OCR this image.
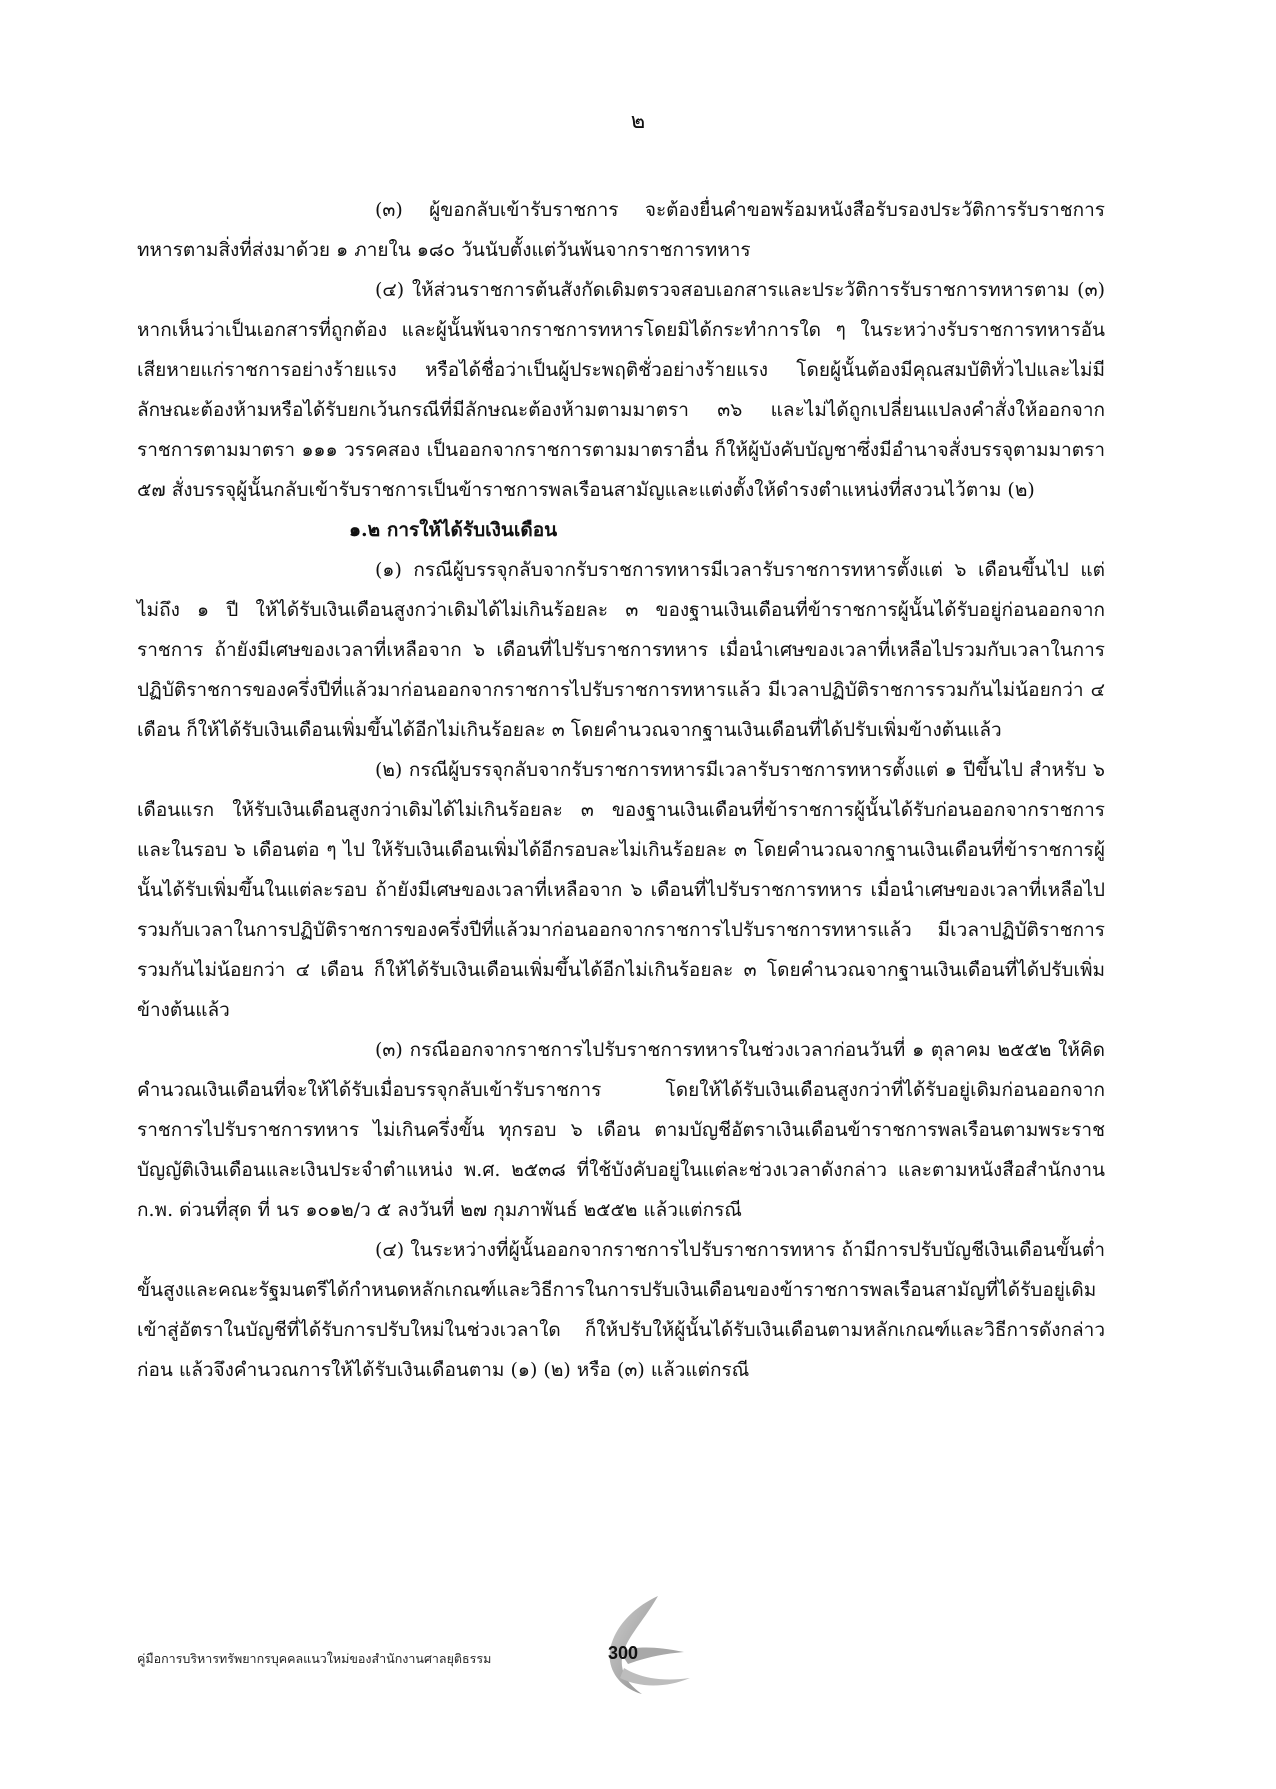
๒

(๓) ผู้ขอกลับเข้ารับราชการ จะต้องยื่นคำขอพร้อมหนังสือรับรองประวัติการรับราชการทหารตามสิ่งที่ส่งมาด้วย ๑ ภายใน ๑๘๐ วันนับตั้งแต่วันพ้นจากราชการทหาร

(๔) ให้ส่วนราชการต้นสังกัดเดิมตรวจสอบเอกสารและประวัติการรับราชการทหารตาม (๓) หากเห็นว่าเป็นเอกสารที่ถูกต้อง และผู้นั้นพ้นจากราชการทหารโดยมิได้กระทำการใด ๆ ในระหว่างรับราชการทหารอันเสียหายแก่ราชการอย่างร้ายแรง หรือได้ชื่อว่าเป็นผู้ประพฤติชั่วอย่างร้ายแรง โดยผู้นั้นต้องมีคุณสมบัติทั่วไปและไม่มีลักษณะต้องห้ามหรือได้รับยกเว้นกรณีที่มีลักษณะต้องห้ามตามมาตรา ๓๖ และไม่ได้ถูกเปลี่ยนแปลงคำสั่งให้ออกจากราชการตามมาตรา ๑๑๑ วรรคสอง เป็นออกจากราชการตามมาตราอื่น ก็ให้ผู้บังคับบัญชาซึ่งมีอำนาจสั่งบรรจุตามมาตรา ๕๗ สั่งบรรจุผู้นั้นกลับเข้ารับราชการเป็นข้าราชการพลเรือนสามัญและแต่งตั้งให้ดำรงตำแหน่งที่สงวนไว้ตาม (๒)

๑.๒ การให้ได้รับเงินเดือน

(๑) กรณีผู้บรรจุกลับจากรับราชการทหารมีเวลารับราชการทหารตั้งแต่ ๖ เดือนขึ้นไป แต่ไม่ถึง ๑ ปี ให้ได้รับเงินเดือนสูงกว่าเดิมได้ไม่เกินร้อยละ ๓ ของฐานเงินเดือนที่ข้าราชการผู้นั้นได้รับอยู่ก่อนออกจากราชการ ถ้ายังมีเศษของเวลาที่เหลือจาก ๖ เดือนที่ไปรับราชการทหาร เมื่อนำเศษของเวลาที่เหลือไปรวมกับเวลาในการปฏิบัติราชการของครึ่งปีที่แล้วมาก่อนออกจากราชการไปรับราชการทหารแล้ว มีเวลาปฏิบัติราชการรวมกันไม่น้อยกว่า ๔ เดือน ก็ให้ได้รับเงินเดือนเพิ่มขึ้นได้อีกไม่เกินร้อยละ ๓ โดยคำนวณจากฐานเงินเดือนที่ได้ปรับเพิ่มข้างต้นแล้ว

(๒) กรณีผู้บรรจุกลับจากรับราชการทหารมีเวลารับราชการทหารตั้งแต่ ๑ ปีขึ้นไป สำหรับ ๖ เดือนแรก ให้รับเงินเดือนสูงกว่าเดิมได้ไม่เกินร้อยละ ๓ ของฐานเงินเดือนที่ข้าราชการผู้นั้นได้รับก่อนออกจากราชการ และในรอบ ๖ เดือนต่อ ๆ ไป ให้รับเงินเดือนเพิ่มได้อีกรอบละไม่เกินร้อยละ ๓ โดยคำนวณจากฐานเงินเดือนที่ข้าราชการผู้นั้นได้รับเพิ่มขึ้นในแต่ละรอบ ถ้ายังมีเศษของเวลาที่เหลือจาก ๖ เดือนที่ไปรับราชการทหาร เมื่อนำเศษของเวลาที่เหลือไปรวมกับเวลาในการปฏิบัติราชการของครึ่งปีที่แล้วมาก่อนออกจากราชการไปรับราชการทหารแล้ว มีเวลาปฏิบัติราชการรวมกันไม่น้อยกว่า ๔ เดือน ก็ให้ได้รับเงินเดือนเพิ่มขึ้นได้อีกไม่เกินร้อยละ ๓ โดยคำนวณจากฐานเงินเดือนที่ได้ปรับเพิ่มข้างต้นแล้ว

(๓) กรณีออกจากราชการไปรับราชการทหารในช่วงเวลาก่อนวันที่ ๑ ตุลาคม ๒๕๕๒ ให้คิดคำนวณเงินเดือนที่จะให้ได้รับเมื่อบรรจุกลับเข้ารับราชการ โดยให้ได้รับเงินเดือนสูงกว่าที่ได้รับอยู่เดิมก่อนออกจากราชการไปรับราชการทหาร ไม่เกินครึ่งขั้น ทุกรอบ ๖ เดือน ตามบัญชีอัตราเงินเดือนข้าราชการพลเรือนตามพระราชบัญญัติเงินเดือนและเงินประจำตำแหน่ง พ.ศ. ๒๕๓๘ ที่ใช้บังคับอยู่ในแต่ละช่วงเวลาดังกล่าว และตามหนังสือสำนักงาน ก.พ. ด่วนที่สุด ที่ นร ๑๐๑๒/ว ๕ ลงวันที่ ๒๗ กุมภาพันธ์ ๒๕๕๒ แล้วแต่กรณี

(๔) ในระหว่างที่ผู้นั้นออกจากราชการไปรับราชการทหาร ถ้ามีการปรับบัญชีเงินเดือนขั้นต่ำขั้นสูงและคณะรัฐมนตรีได้กำหนดหลักเกณฑ์และวิธีการในการปรับเงินเดือนของข้าราชการพลเรือนสามัญที่ได้รับอยู่เดิมเข้าสู่อัตราในบัญชีที่ได้รับการปรับใหม่ในช่วงเวลาใด ก็ให้ปรับให้ผู้นั้นได้รับเงินเดือนตามหลักเกณฑ์และวิธีการดังกล่าวก่อน แล้วจึงคำนวณการให้ได้รับเงินเดือนตาม (๑) (๒) หรือ (๓) แล้วแต่กรณี

คู่มือการบริหารทรัพยากรบุคคลแนวใหม่ของสำนักงานศาลยุติธรรม	300
